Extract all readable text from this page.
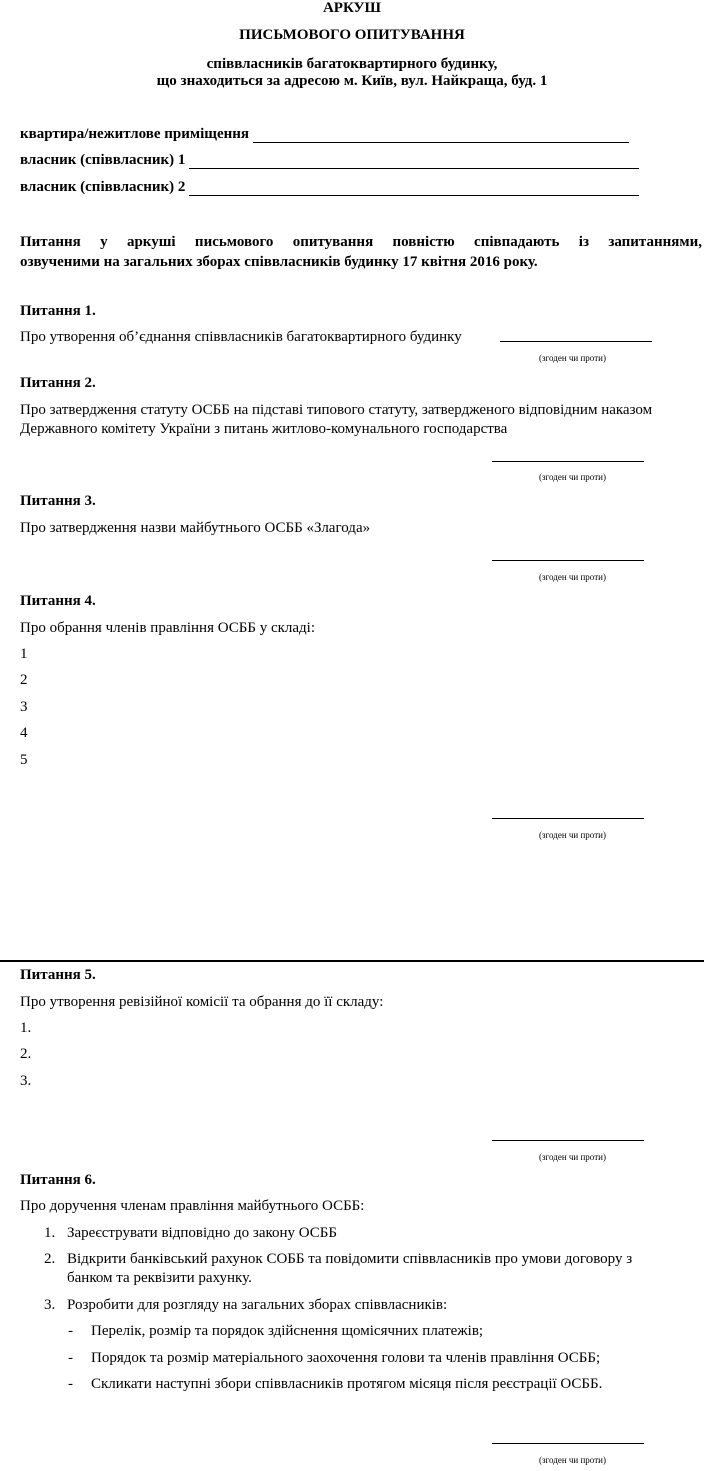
АРКУШ
ПИСЬМОВОГО ОПИТУВАННЯ
співвласників багатоквартирного будинку,
що знаходиться за адресою м. Київ, вул. Найкраща, буд. 1
квартира/нежитлове приміщення
власник (співвласник) 1
власник (співвласник) 2
Питання у аркуші письмового опитування повністю співпадають із запитаннями,
озвученими на загальних зборах співвласників будинку 17 квітня 2016 року.
Питання 1.
Про утворення об’єднання співвласників багатоквартирного будинку
(згоден чи проти)
Питання 2.
Про затвердження статуту ОСББ на підставі типового статуту, затвердженого відповідним наказом
Державного комітету України з питань житлово-комунального господарства
(згоден чи проти)
Питання 3.
Про затвердження назви майбутнього ОСББ «Злагода»
(згоден чи проти)
Питання 4.
Про обрання членів правління ОСББ у складі:
1
2
3
4
5
(згоден чи проти)
Питання 5.
Про утворення ревізійної комісії та обрання до її складу:
1.
2.
3.
(згоден чи проти)
Питання 6.
Про доручення членам правління майбутнього ОСББ:
1. Зареєструвати відповідно до закону ОСББ
2. Відкрити банківський рахунок СОББ та повідомити співвласників про умови договору з
банком та реквізити рахунку.
3. Розробити для розгляду на загальних зборах співвласників:
- Перелік, розмір та порядок здійснення щомісячних платежів;
- Порядок та розмір матеріального заохочення голови та членів правління ОСББ;
- Скликати наступні збори співвласників протягом місяця після реєстрації ОСББ.
(згоден чи проти)
